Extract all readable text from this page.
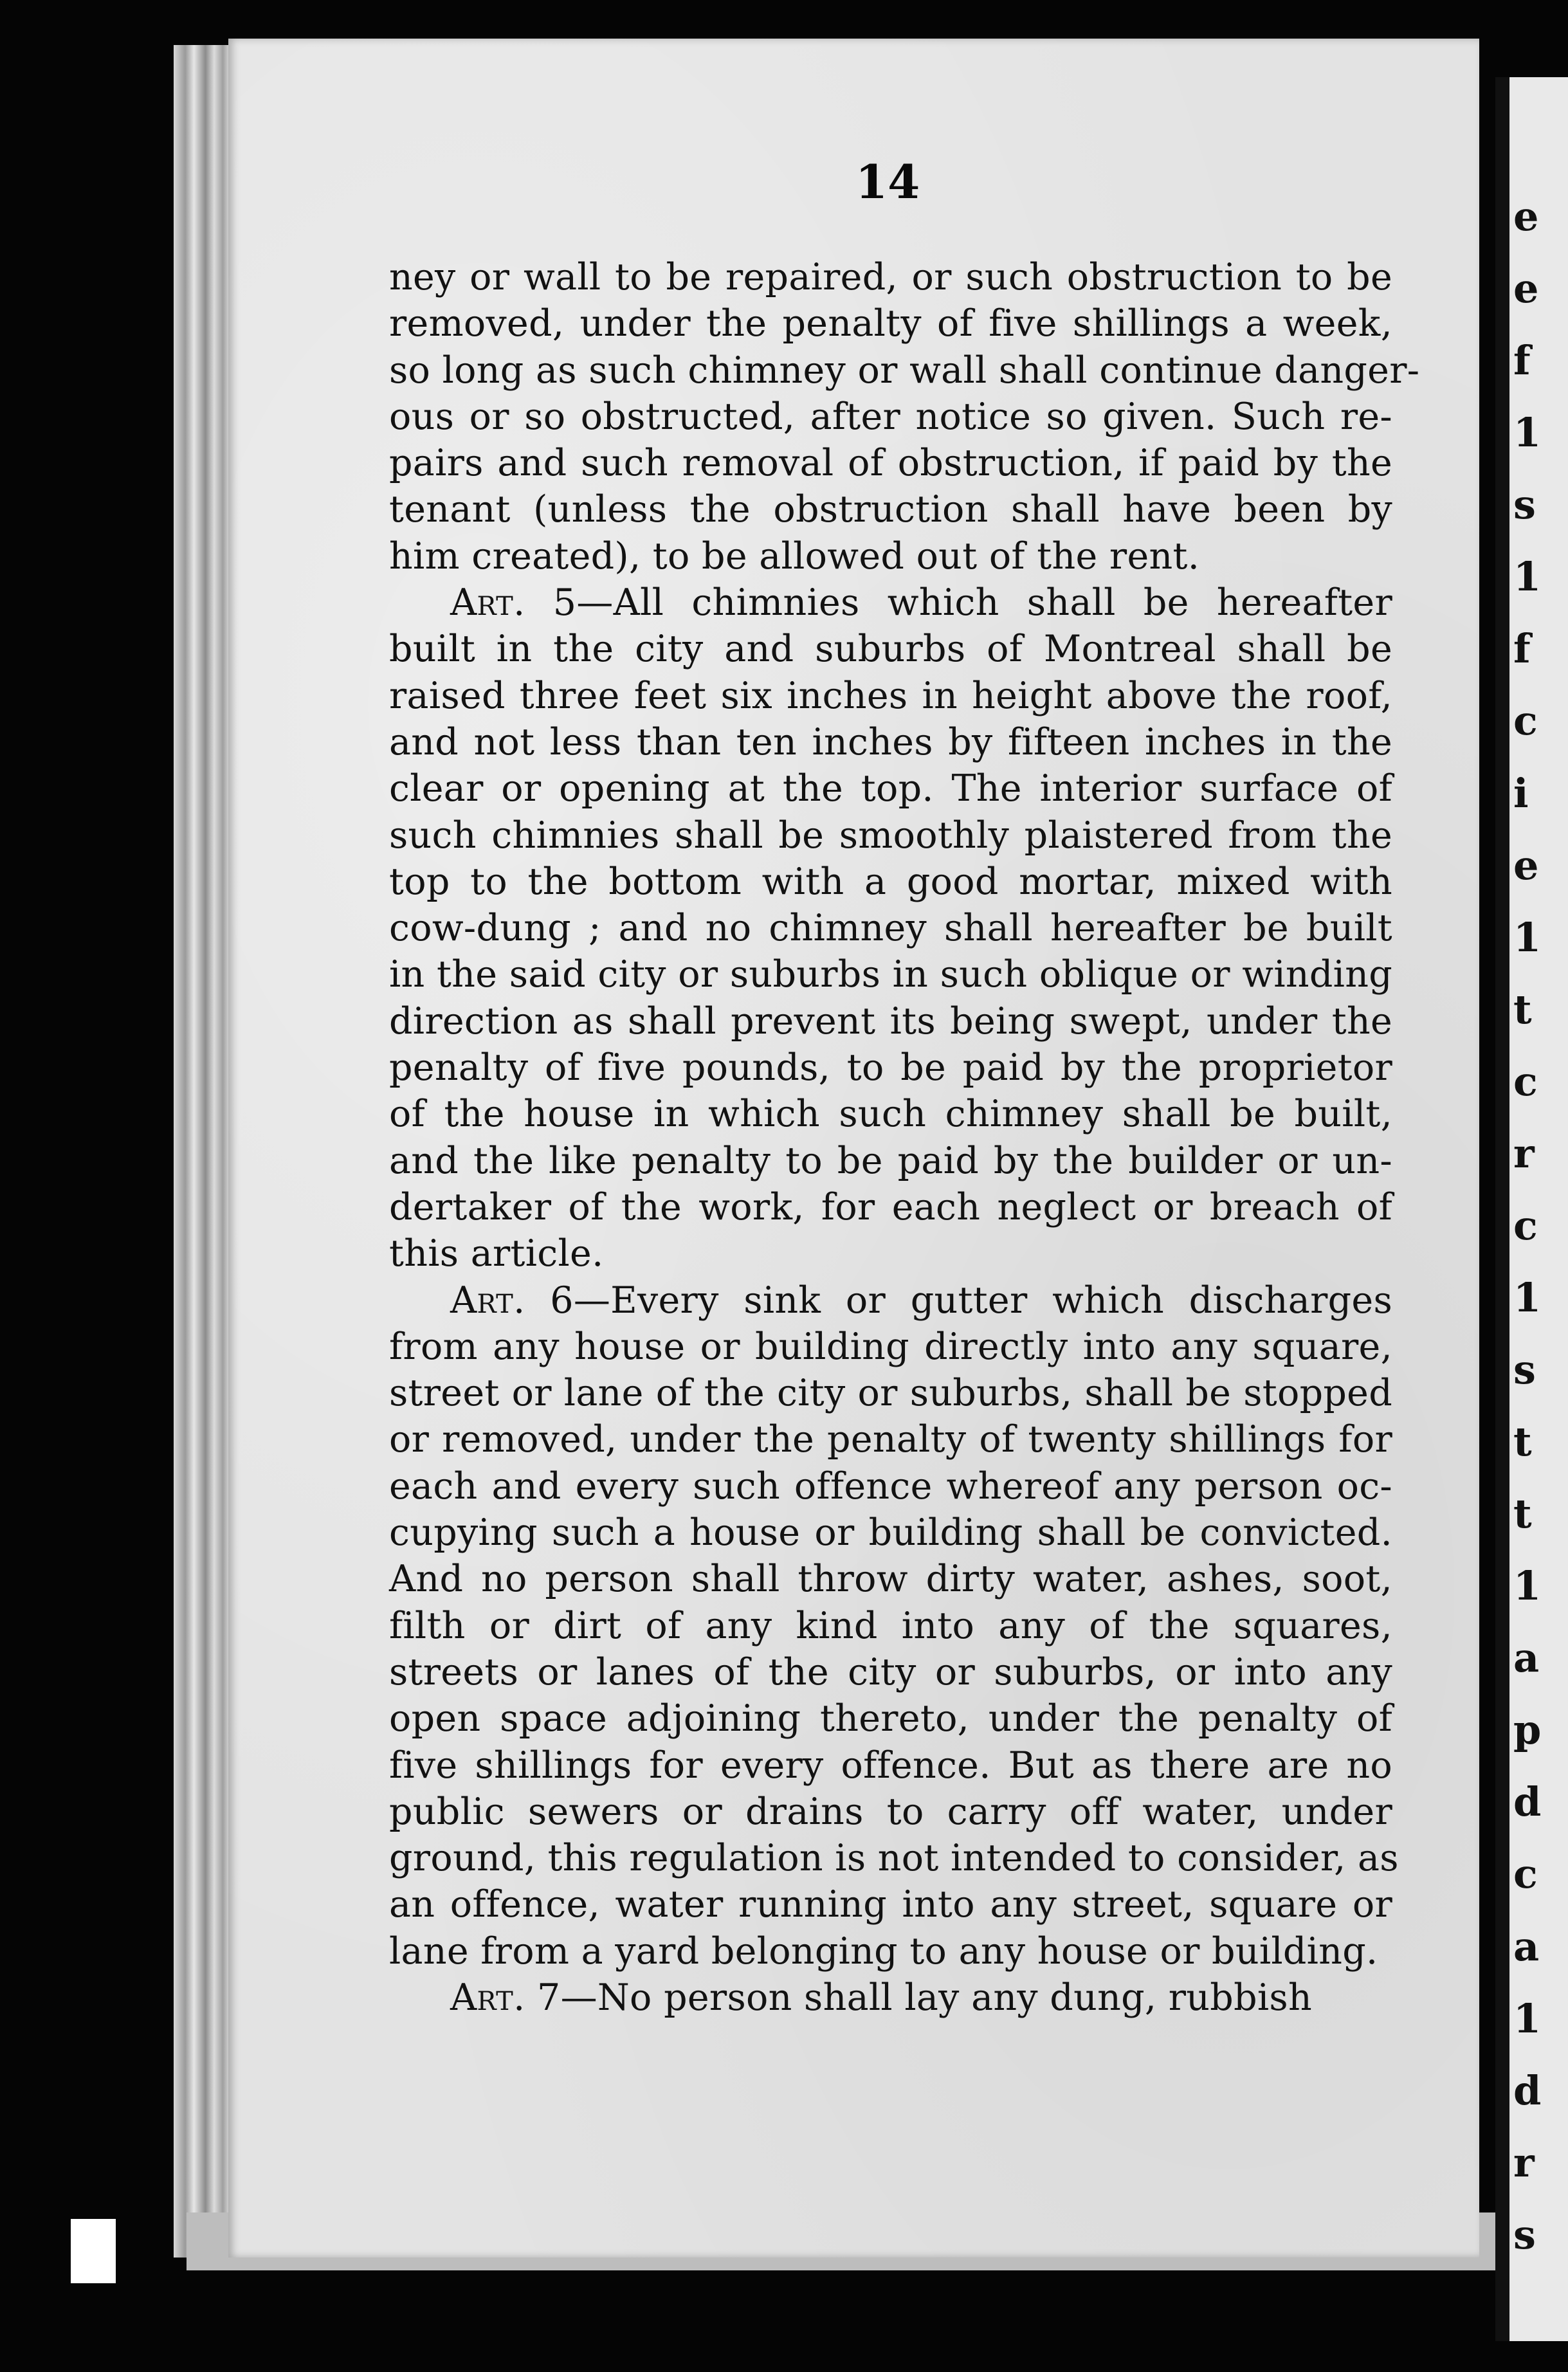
e
e
f
1
s
1
f
c
i
e
1
t
c
r
c
1
s
t
t
1
a
p
d
c
a
1
d
r
s
14
ney or wall to be repaired, or such obstruction to be
removed, under the penalty of five shillings a week,
so long as such chimney or wall shall continue danger-
ous or so obstructed, after notice so given. Such re-
pairs and such removal of obstruction, if paid by the
tenant (unless the obstruction shall have been by
him created), to be allowed out of the rent.
Art. 5—All chimnies which shall be hereafter
built in the city and suburbs of Montreal shall be
raised three feet six inches in height above the roof,
and not less than ten inches by fifteen inches in the
clear or opening at the top. The interior surface of
such chimnies shall be smoothly plaistered from the
top to the bottom with a good mortar, mixed with
cow-dung ; and no chimney shall hereafter be built
in the said city or suburbs in such oblique or winding
direction as shall prevent its being swept, under the
penalty of five pounds, to be paid by the proprietor
of the house in which such chimney shall be built,
and the like penalty to be paid by the builder or un-
dertaker of the work, for each neglect or breach of
this article.
Art. 6—Every sink or gutter which discharges
from any house or building directly into any square,
street or lane of the city or suburbs, shall be stopped
or removed, under the penalty of twenty shillings for
each and every such offence whereof any person oc-
cupying such a house or building shall be convicted.
And no person shall throw dirty water, ashes, soot,
filth or dirt of any kind into any of the squares,
streets or lanes of the city or suburbs, or into any
open space adjoining thereto, under the penalty of
five shillings for every offence. But as there are no
public sewers or drains to carry off water, under
ground, this regulation is not intended to consider, as
an offence, water running into any street, square or
lane from a yard belonging to any house or building.
Art. 7—No person shall lay any dung, rubbish
